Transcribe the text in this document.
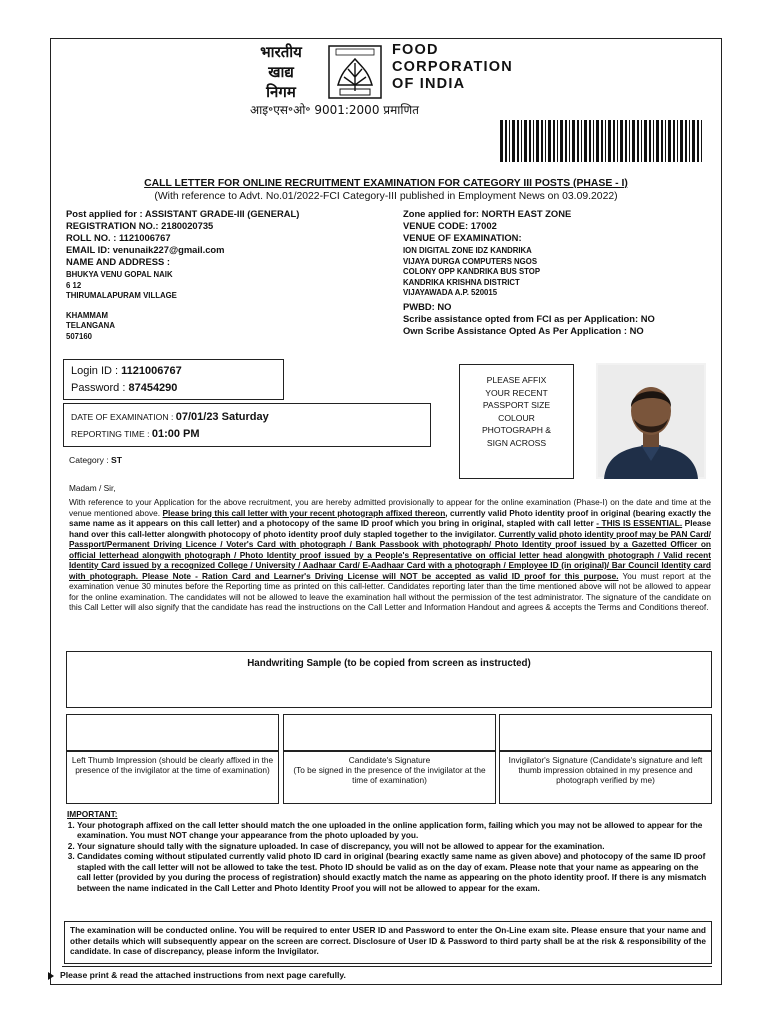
भारतीय
खाद्य
निगम
FOOD
CORPORATION
OF INDIA
आइ॰एस॰ओ॰ 9001:2000 प्रमाणित
CALL LETTER FOR ONLINE RECRUITMENT EXAMINATION FOR CATEGORY III POSTS (PHASE - I)
(With reference to Advt. No.01/2022-FCI Category-III published in Employment News on 03.09.2022)
Post applied for : ASSISTANT GRADE-III (GENERAL)
REGISTRATION NO.: 2180020735
ROLL NO. : 1121006767
EMAIL ID: venunaik227@gmail.com
NAME AND ADDRESS :
BHUKYA VENU GOPAL NAIK
6 12
THIRUMALAPURAM VILLAGE
KHAMMAM
TELANGANA
507160
Zone applied for: NORTH EAST ZONE
VENUE CODE: 17002
VENUE OF EXAMINATION:
ION DIGITAL ZONE IDZ KANDRIKA
VIJAYA DURGA COMPUTERS NGOS
COLONY OPP KANDRIKA BUS STOP
KANDRIKA KRISHNA DISTRICT
VIJAYAWADA A.P. 520015
PWBD: NO
Scribe assistance opted from FCI as per Application: NO
Own Scribe Assistance Opted As Per Application : NO
Login ID : 1121006767
Password : 87454290
DATE OF EXAMINATION : 07/01/23 Saturday
REPORTING TIME : 01:00 PM
PLEASE AFFIX
YOUR RECENT
PASSPORT SIZE
COLOUR
PHOTOGRAPH &
SIGN ACROSS
Category : ST
Madam / Sir,
With reference to your Application for the above recruitment, you are hereby admitted provisionally to appear for the online examination (Phase-I) on the date and time at the venue mentioned above. Please bring this call letter with your recent photograph affixed thereon, currently valid Photo identity proof in original (bearing exactly the same name as it appears on this call letter) and a photocopy of the same ID proof which you bring in original, stapled with call letter - THIS IS ESSENTIAL. Please hand over this call-letter alongwith photocopy of photo identity proof duly stapled together to the invigilator. Currently valid photo identity proof may be PAN Card/ Passport/Permanent Driving Licence / Voter's Card with photograph / Bank Passbook with photograph/ Photo Identity proof issued by a Gazetted Officer on official letterhead alongwith photograph / Photo Identity proof issued by a People's Representative on official letter head alongwith photograph / Valid recent Identity Card issued by a recognized College / University / Aadhaar Card/ E-Aadhaar Card with a photograph / Employee ID (in original)/ Bar Council Identity card with photograph. Please Note - Ration Card and Learner's Driving License will NOT be accepted as valid ID proof for this purpose. You must report at the examination venue 30 minutes before the Reporting time as printed on this call-letter. Candidates reporting later than the time mentioned above will not be allowed to appear for the online examination. The candidates will not be allowed to leave the examination hall without the permission of the test administrator. The signature of the candidate on this Call Letter will also signify that the candidate has read the instructions on the Call Letter and Information Handout and agrees & accepts the Terms and Conditions thereof.
Handwriting Sample (to be copied from screen as instructed)
Left Thumb Impression (should be clearly affixed in the presence of the invigilator at the time of examination)
Candidate's Signature
(To be signed in the presence of the invigilator at the time of examination)
Invigilator's Signature (Candidate's signature and left thumb impression obtained in my presence and photograph verified by me)
IMPORTANT:
1. Your photograph affixed on the call letter should match the one uploaded in the online application form, failing which you may not be allowed to appear for the examination. You must NOT change your appearance from the photo uploaded by you.
2. Your signature should tally with the signature uploaded. In case of discrepancy, you will not be allowed to appear for the examination.
3. Candidates coming without stipulated currently valid photo ID card in original (bearing exactly same name as given above) and photocopy of the same ID proof stapled with the call letter will not be allowed to take the test. Photo ID should be valid as on the day of exam. Please note that your name as appearing on the call letter (provided by you during the process of registration) should exactly match the name as appearing on the photo identity proof. If there is any mismatch between the name indicated in the Call Letter and Photo Identity Proof you will not be allowed to appear for the exam.
The examination will be conducted online. You will be required to enter USER ID and Password to enter the On-Line exam site. Please ensure that your name and other details which will subsequently appear on the screen are correct. Disclosure of User ID & Password to third party shall be at the risk & responsibility of the candidate. In case of discrepancy, please inform the Invigilator.
Please print & read the attached instructions from next page carefully.
